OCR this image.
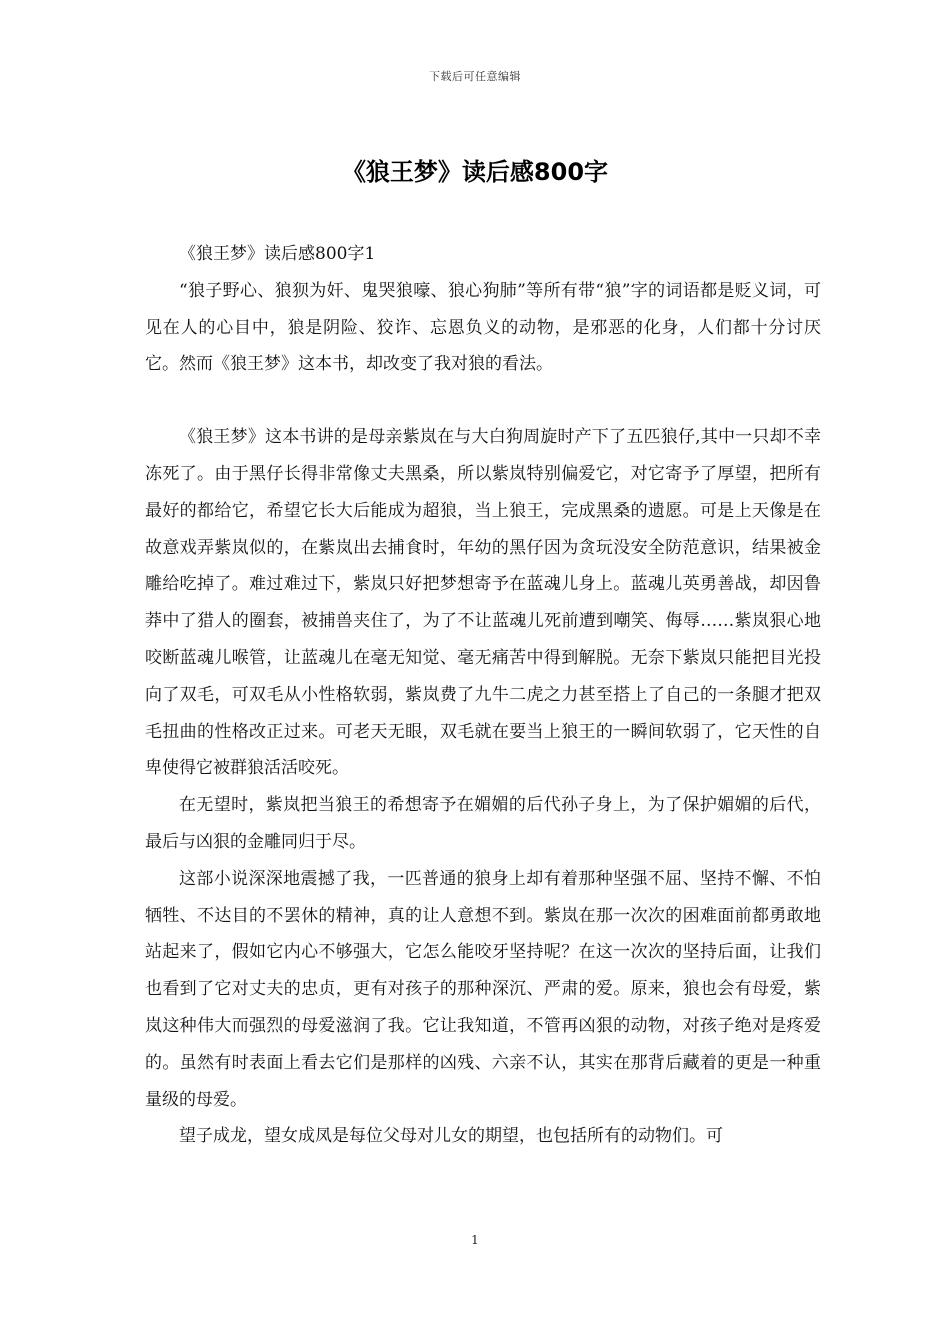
下载后可任意编辑
《狼王梦》读后感800字

《狼王梦》读后感800字1

“狼子野心、狼狈为奸、鬼哭狼嚎、狼心狗肺”等所有带“狼”字的词语都是贬义词，可见在人的心目中，狼是阴险、狡诈、忘恩负义的动物，是邪恶的化身，人们都十分讨厌它。然而《狼王梦》这本书，却改变了我对狼的看法。

《狼王梦》这本书讲的是母亲紫岚在与大白狗周旋时产下了五匹狼仔,其中一只却不幸冻死了。由于黑仔长得非常像丈夫黑桑，所以紫岚特别偏爱它，对它寄予了厚望，把所有最好的都给它，希望它长大后能成为超狼，当上狼王，完成黑桑的遗愿。可是上天像是在故意戏弄紫岚似的，在紫岚出去捕食时，年幼的黑仔因为贪玩没安全防范意识，结果被金雕给吃掉了。难过难过下，紫岚只好把梦想寄予在蓝魂儿身上。蓝魂儿英勇善战，却因鲁莽中了猎人的圈套，被捕兽夹住了，为了不让蓝魂儿死前遭到嘲笑、侮辱……紫岚狠心地咬断蓝魂儿喉管，让蓝魂儿在毫无知觉、毫无痛苦中得到解脱。无奈下紫岚只能把目光投向了双毛，可双毛从小性格软弱，紫岚费了九牛二虎之力甚至搭上了自己的一条腿才把双毛扭曲的性格改正过来。可老天无眼，双毛就在要当上狼王的一瞬间软弱了，它天性的自卑使得它被群狼活活咬死。

在无望时，紫岚把当狼王的希想寄予在媚媚的后代孙子身上，为了保护媚媚的后代，最后与凶狠的金雕同归于尽。

这部小说深深地震撼了我，一匹普通的狼身上却有着那种坚强不屈、坚持不懈、不怕牺牲、不达目的不罢休的精神，真的让人意想不到。紫岚在那一次次的困难面前都勇敢地站起来了，假如它内心不够强大，它怎么能咬牙坚持呢？在这一次次的坚持后面，让我们也看到了它对丈夫的忠贞，更有对孩子的那种深沉、严肃的爱。原来，狼也会有母爱，紫岚这种伟大而强烈的母爱滋润了我。它让我知道，不管再凶狠的动物，对孩子绝对是疼爱的。虽然有时表面上看去它们是那样的凶残、六亲不认，其实在那背后藏着的更是一种重量级的母爱。

望子成龙，望女成凤是每位父母对儿女的期望，也包括所有的动物们。可

1
